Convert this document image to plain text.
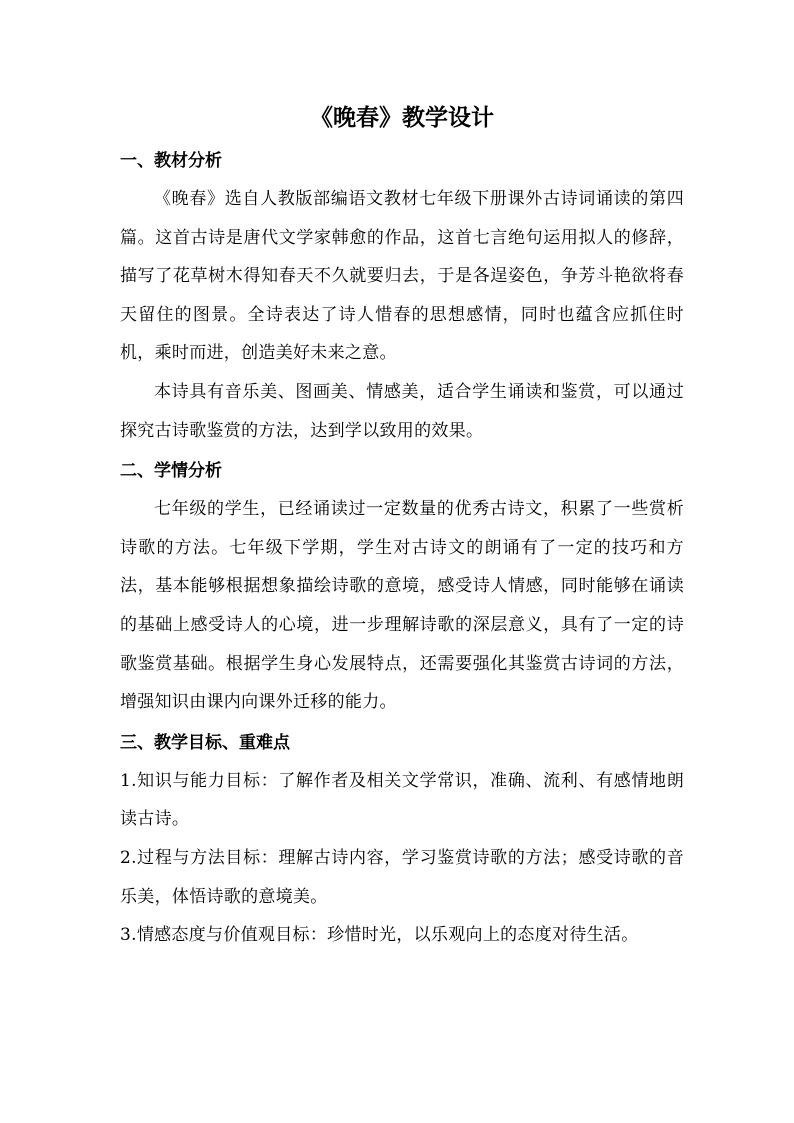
《晚春》教学设计
一、教材分析

《晚春》选自人教版部编语文教材七年级下册课外古诗词诵读的第四篇。这首古诗是唐代文学家韩愈的作品，这首七言绝句运用拟人的修辞，描写了花草树木得知春天不久就要归去，于是各逞姿色，争芳斗艳欲将春天留住的图景。全诗表达了诗人惜春的思想感情，同时也蕴含应抓住时机，乘时而进，创造美好未来之意。

本诗具有音乐美、图画美、情感美，适合学生诵读和鉴赏，可以通过探究古诗歌鉴赏的方法，达到学以致用的效果。

二、学情分析

七年级的学生，已经诵读过一定数量的优秀古诗文，积累了一些赏析诗歌的方法。七年级下学期，学生对古诗文的朗诵有了一定的技巧和方法，基本能够根据想象描绘诗歌的意境，感受诗人情感，同时能够在诵读的基础上感受诗人的心境，进一步理解诗歌的深层意义，具有了一定的诗歌鉴赏基础。根据学生身心发展特点，还需要强化其鉴赏古诗词的方法，增强知识由课内向课外迁移的能力。

三、教学目标、重难点

1.知识与能力目标：了解作者及相关文学常识，准确、流利、有感情地朗读古诗。

2.过程与方法目标：理解古诗内容，学习鉴赏诗歌的方法；感受诗歌的音乐美，体悟诗歌的意境美。

3.情感态度与价值观目标：珍惜时光，以乐观向上的态度对待生活。
